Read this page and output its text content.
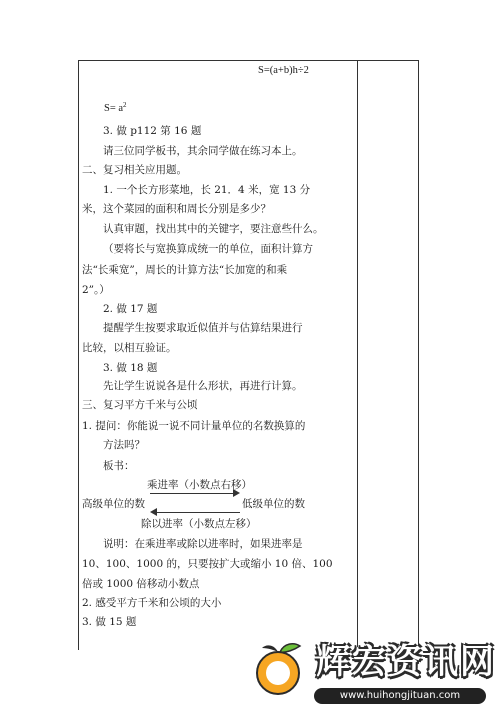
S=(a+b)h÷2
$S= a^2$
3. 做 p112 第 16 题
请三位同学板书，其余同学做在练习本上。
二、复习相关应用题。
1. 一个长方形菜地，长 21．4 米，宽 13 分
米，这个菜园的面积和周长分别是多少？
认真审题，找出其中的关键字，要注意些什么。
（要将长与宽换算成统一的单位，面积计算方
法“长乘宽”，周长的计算方法“长加宽的和乘
2”。）
2. 做 17 题
提醒学生按要求取近似值并与估算结果进行
比较，以相互验证。
3. 做 18 题
先让学生说说各是什么形状，再进行计算。
三、复习平方千米与公顷
1. 提问：你能说一说不同计量单位的名数换算的
方法吗？
板书：
乘进率（小数点右移）
高级单位的数	低级单位的数
除以进率（小数点左移）
说明：在乘进率或除以进率时，如果进率是
10、100、1000 的，只要按扩大或缩小 10 倍、100
倍或 1000 倍移动小数点
2. 感受平方千米和公顷的大小
3. 做 15 题
辉宏资讯网
www.huihongjituan.com
